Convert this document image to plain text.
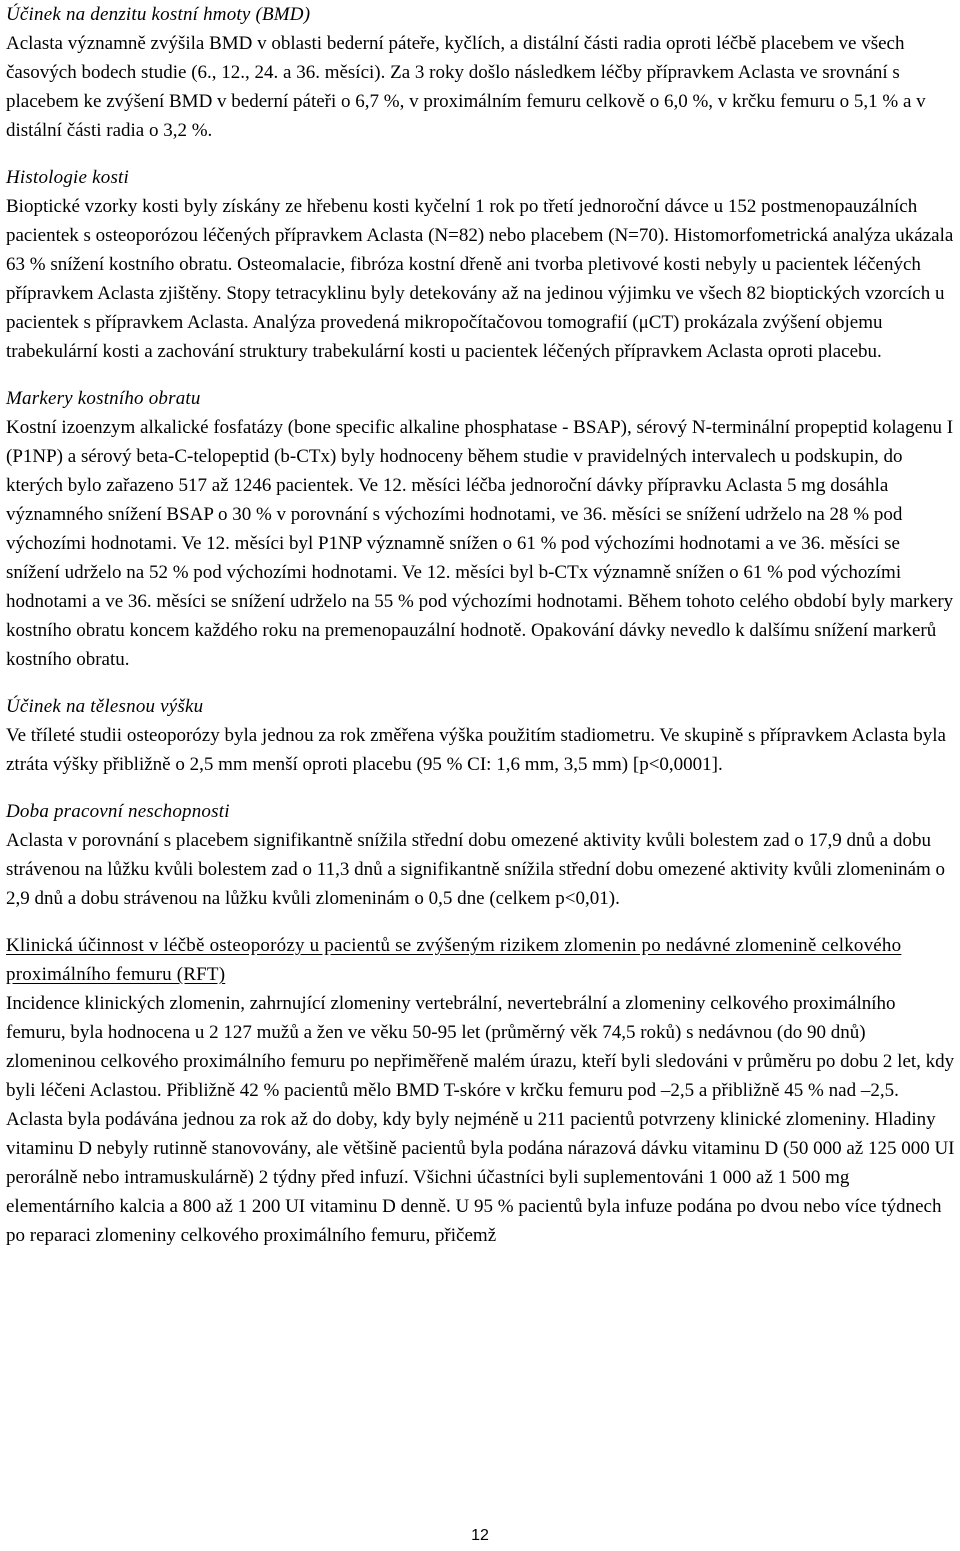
Účinek na denzitu kostní hmoty (BMD)

Aclasta významně zvýšila BMD v oblasti bederní páteře, kyčlích, a distální části radia oproti léčbě placebem ve všech časových bodech studie (6., 12., 24. a 36. měsíci). Za 3 roky došlo následkem léčby přípravkem Aclasta ve srovnání s placebem ke zvýšení BMD v bederní páteři o 6,7 %, v proximálním femuru celkově o 6,0 %, v krčku femuru o 5,1 % a v distální části radia o 3,2 %.

Histologie kosti

Bioptické vzorky kosti byly získány ze hřebenu kosti kyčelní 1 rok po třetí jednoroční dávce u 152 postmenopauzálních pacientek s osteoporózou léčených přípravkem Aclasta (N=82) nebo placebem (N=70). Histomorfometrická analýza ukázala 63 % snížení kostního obratu. Osteomalacie, fibróza kostní dřeně ani tvorba pletivové kosti nebyly u pacientek léčených přípravkem Aclasta zjištěny. Stopy tetracyklinu byly detekovány až na jedinou výjimku ve všech 82 bioptických vzorcích u pacientek s přípravkem Aclasta. Analýza provedená mikropočítačovou tomografií (μCT) prokázala zvýšení objemu trabekulární kosti a zachování struktury trabekulární kosti u pacientek léčených přípravkem Aclasta oproti placebu.

Markery kostního obratu

Kostní izoenzym alkalické fosfatázy (bone specific alkaline phosphatase - BSAP), sérový N-terminální propeptid kolagenu I (P1NP) a sérový beta-C-telopeptid (b-CTx) byly hodnoceny během studie v pravidelných intervalech u podskupin, do kterých bylo zařazeno 517 až 1246 pacientek. Ve 12. měsíci léčba jednoroční dávky přípravku Aclasta 5 mg dosáhla významného snížení BSAP o 30 % v porovnání s výchozími hodnotami, ve 36. měsíci se snížení udrželo na 28 % pod výchozími hodnotami. Ve 12. měsíci byl P1NP významně snížen o 61 % pod výchozími hodnotami a ve 36. měsíci se snížení udrželo na 52 % pod výchozími hodnotami. Ve 12. měsíci byl b-CTx významně snížen o 61 % pod výchozími hodnotami a ve 36. měsíci se snížení udrželo na 55 % pod výchozími hodnotami. Během tohoto celého období byly markery kostního obratu koncem každého roku na premenopauzální hodnotě. Opakování dávky nevedlo k dalšímu snížení markerů kostního obratu.

Účinek na tělesnou výšku

Ve tříleté studii osteoporózy byla jednou za rok změřena výška použitím stadiometru. Ve skupině s přípravkem Aclasta byla ztráta výšky přibližně o 2,5 mm menší oproti placebu (95 % CI: 1,6 mm, 3,5 mm) [p<0,0001].

Doba pracovní neschopnosti

Aclasta v porovnání s placebem signifikantně snížila střední dobu omezené aktivity kvůli bolestem zad o 17,9 dnů a dobu strávenou na lůžku kvůli bolestem zad o 11,3 dnů a signifikantně snížila střední dobu omezené aktivity kvůli zlomeninám o 2,9 dnů a dobu strávenou na lůžku kvůli zlomeninám o 0,5 dne (celkem p<0,01).

Klinická účinnost v léčbě osteoporózy u pacientů se zvýšeným rizikem zlomenin po nedávné zlomenině celkového proximálního femuru (RFT)

Incidence klinických zlomenin, zahrnující zlomeniny vertebrální, nevertebrální a zlomeniny celkového proximálního femuru, byla hodnocena u 2 127 mužů a žen ve věku 50-95 let (průměrný věk 74,5 roků) s nedávnou (do 90 dnů) zlomeninou celkového proximálního femuru po nepřiměřeně malém úrazu, kteří byli sledováni v průměru po dobu 2 let, kdy byli léčeni Aclastou. Přibližně 42 % pacientů mělo BMD T-skóre v krčku femuru pod –2,5 a přibližně 45 % nad –2,5. Aclasta byla podávána jednou za rok až do doby, kdy byly nejméně u 211 pacientů potvrzeny klinické zlomeniny. Hladiny vitaminu D nebyly rutinně stanovovány, ale většině pacientů byla podána nárazová dávku vitaminu D (50 000 až 125 000 UI perorálně nebo intramuskulárně) 2 týdny před infuzí. Všichni účastníci byli suplementováni 1 000 až 1 500 mg elementárního kalcia a 800 až 1 200 UI vitaminu D denně. U 95 % pacientů byla infuze podána po dvou nebo více týdnech po reparaci zlomeniny celkového proximálního femuru, přičemž

12
